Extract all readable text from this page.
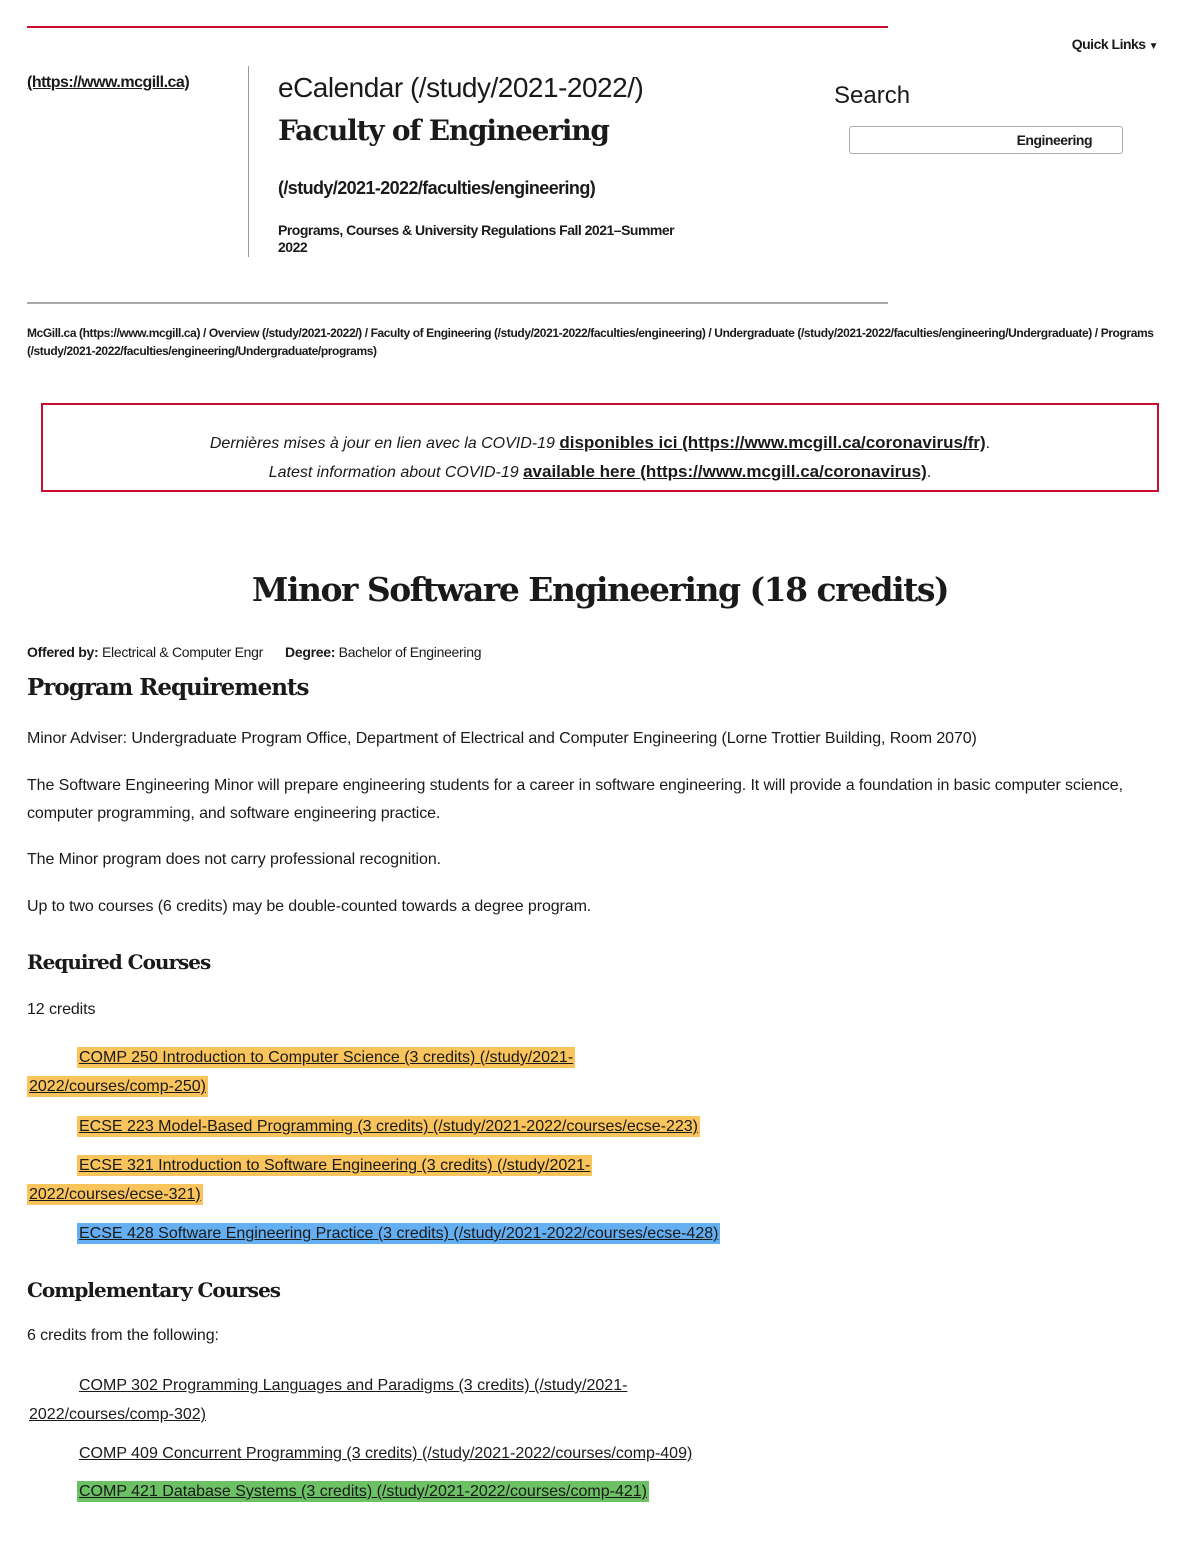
Quick Links ▼
(https://www.mcgill.ca)	eCalendar (/study/2021-2022/)
Faculty of Engineering
(/study/2021-2022/faculties/engineering)
Programs, Courses & University Regulations Fall 2021–Summer 2022
Search
Engineering
McGill.ca (https://www.mcgill.ca) / Overview (/study/2021-2022/) / Faculty of Engineering (/study/2021-2022/faculties/engineering) / Undergraduate (/study/2021-2022/faculties/engineering/Undergraduate) / Programs (/study/2021-2022/faculties/engineering/Undergraduate/programs)
Dernières mises à jour en lien avec la COVID-19 disponibles ici (https://www.mcgill.ca/coronavirus/fr).
Latest information about COVID-19 available here (https://www.mcgill.ca/coronavirus).
Minor Software Engineering (18 credits)
Offered by: Electrical & Computer Engr Degree: Bachelor of Engineering
Program Requirements
Minor Adviser: Undergraduate Program Office, Department of Electrical and Computer Engineering (Lorne Trottier Building, Room 2070)
The Software Engineering Minor will prepare engineering students for a career in software engineering. It will provide a foundation in basic computer science, computer programming, and software engineering practice.
The Minor program does not carry professional recognition.
Up to two courses (6 credits) may be double-counted towards a degree program.
Required Courses
12 credits
COMP 250 Introduction to Computer Science (3 credits) (/study/2021-
2022/courses/comp-250)
ECSE 223 Model-Based Programming (3 credits) (/study/2021-2022/courses/ecse-223)
ECSE 321 Introduction to Software Engineering (3 credits) (/study/2021-
2022/courses/ecse-321)
ECSE 428 Software Engineering Practice (3 credits) (/study/2021-2022/courses/ecse-428)
Complementary Courses
6 credits from the following:
COMP 302 Programming Languages and Paradigms (3 credits) (/study/2021-
2022/courses/comp-302)
COMP 409 Concurrent Programming (3 credits) (/study/2021-2022/courses/comp-409)
COMP 421 Database Systems (3 credits) (/study/2021-2022/courses/comp-421)
